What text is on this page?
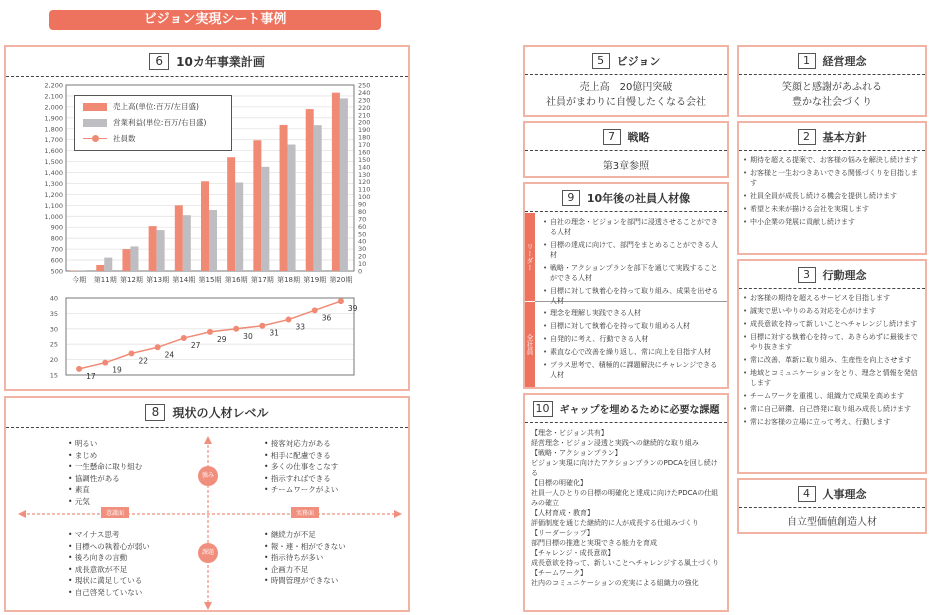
ビジョン実現シート事例
6	10カ年事業計画
500
600
700
800
900
1,000
1,100
1,200
1,300
1,400
1,500
1,600
1,700
1,800
1,900
2,000
2,100
2,200
0
10
20
30
40
50
60
70
80
90
100
110
120
130
140
150
160
170
180
190
200
210
220
230
240
250
今期 第11期 第12期 第13期 第14期 第15期 第16期 第17期 第18期 第19期 第20期
売上高(単位:百万/左目盛)
営業利益(単位:百万/右目盛)
社員数
15
20
25
30
35
40
17
19
22
24
27
29 30 31
33
36
39
8	現状の人材レベル
強み
課題
意識面	実務面
• 明るい
• まじめ
• 一生懸命に取り組む
• 協調性がある
• 素直
• 元気
• 接客対応力がある
• 相手に配慮できる
• 多くの仕事をこなす
• 指示すればできる
• チームワークがよい
• マイナス思考
• 目標への執着心が弱い
• 後ろ向きの言動
• 成長意欲が不足
• 現状に満足している
• 自己啓発していない
• 継続力が不足
• 報・連・相ができない
• 指示待ちが多い
• 企画力不足
• 時間管理ができない
5	ビジョン
売上高　20億円突破
社員がまわりに自慢したくなる会社
7	戦略
第3章参照
9	10年後の社員人材像
リーダー
全社員
• 自社の理念・ビジョンを部門に浸透させることができる人材
• 目標の達成に向けて、部門をまとめることができる人材
• 戦略・アクションプランを部下を通じて実践することができる人材
• 目標に対して執着心を持って取り組み、成果を出せる人材
• 理念を理解し実践できる人材
• 目標に対して執着心を持って取り組める人材
• 自発的に考え、行動できる人材
• 素直な心で改善を繰り返し、常に向上を目指す人材
• プラス思考で、積極的に課題解決にチャレンジできる人材
10	ギャップを埋めるために必要な課題
【理念・ビジョン共有】
経営理念・ビジョン浸透と実践への継続的な取り組み
【戦略・アクションプラン】
ビジョン実現に向けたアクションプランのPDCAを回し続ける
【目標の明確化】
社員一人ひとりの目標の明確化と達成に向けたPDCAの仕組みの確立
【人材育成・教育】
評価制度を通じた継続的に人が成長する仕組みづくり
【リーダーシップ】
部門目標の推進と実現できる能力を育成
【チャレンジ・成長意欲】
成長意欲を持って、新しいことへチャレンジする風土づくり
【チームワーク】
社内のコミュニケーションの充実による組織力の強化
1	経営理念
笑顔と感謝があふれる
豊かな社会づくり
2	基本方針
• 期待を超える提案で、お客様の悩みを解決し続けます
• お客様と一生おつきあいできる関係づくりを目指します
• 社員全員が成長し続ける機会を提供し続けます
• 希望と未来が描ける会社を実現します
• 中小企業の発展に貢献し続けます
3	行動理念
• お客様の期待を超えるサービスを目指します
• 誠実で思いやりのある対応を心がけます
• 成長意欲を持って新しいことへチャレンジし続けます
• 目標に対する執着心を持って、あきらめずに最後までやり抜きます
• 常に改善、革新に取り組み、生産性を向上させます
• 地域とコミュニケーションをとり、理念と情報を発信します
• チームワークを重視し、組織力で成果を高めます
• 常に自己研鑽、自己啓発に取り組み成長し続けます
• 常にお客様の立場に立って考え、行動します
4	人事理念
自立型価値創造人材
